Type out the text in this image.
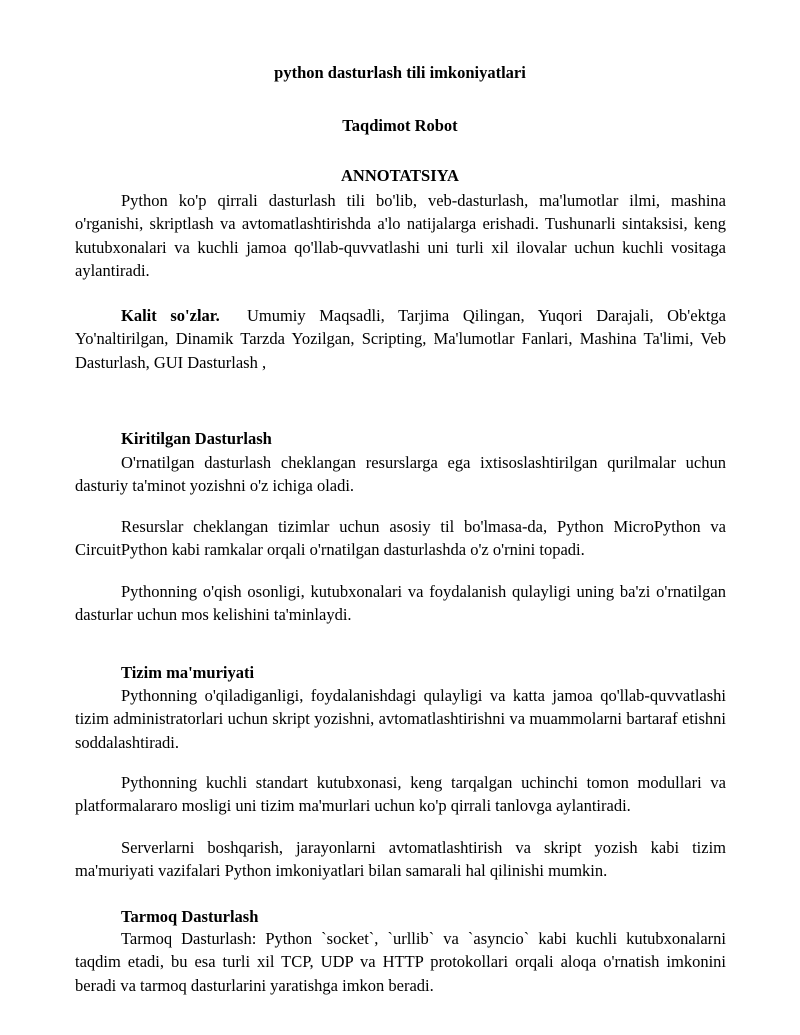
python dasturlash tili imkoniyatlari

Taqdimot Robot

ANNOTATSIYA

Python ko'p qirrali dasturlash tili bo'lib, veb-dasturlash, ma'lumotlar ilmi, mashina o'rganishi, skriptlash va avtomatlashtirishda a'lo natijalarga erishadi. Tushunarli sintaksisi, keng kutubxonalari va kuchli jamoa qo'llab-quvvatlashi uni turli xil ilovalar uchun kuchli vositaga aylantiradi.

Kalit so'zlar. Umumiy Maqsadli, Tarjima Qilingan, Yuqori Darajali, Ob'ektga Yo'naltirilgan, Dinamik Tarzda Yozilgan, Scripting, Ma'lumotlar Fanlari, Mashina Ta'limi, Veb Dasturlash, GUI Dasturlash ,

Kiritilgan Dasturlash

O'rnatilgan dasturlash cheklangan resurslarga ega ixtisoslashtirilgan qurilmalar uchun dasturiy ta'minot yozishni o'z ichiga oladi.

Resurslar cheklangan tizimlar uchun asosiy til bo'lmasa-da, Python MicroPython va CircuitPython kabi ramkalar orqali o'rnatilgan dasturlashda o'z o'rnini topadi.

Pythonning o'qish osonligi, kutubxonalari va foydalanish qulayligi uning ba'zi o'rnatilgan dasturlar uchun mos kelishini ta'minlaydi.

Tizim ma'muriyati

Pythonning o'qiladiganligi, foydalanishdagi qulayligi va katta jamoa qo'llab-quvvatlashi tizim administratorlari uchun skript yozishni, avtomatlashtirishni va muammolarni bartaraf etishni soddalashtiradi.

Pythonning kuchli standart kutubxonasi, keng tarqalgan uchinchi tomon modullari va platformalararo mosligi uni tizim ma'murlari uchun ko'p qirrali tanlovga aylantiradi.

Serverlarni boshqarish, jarayonlarni avtomatlashtirish va skript yozish kabi tizim ma'muriyati vazifalari Python imkoniyatlari bilan samarali hal qilinishi mumkin.

Tarmoq Dasturlash

Tarmoq Dasturlash: Python `socket`, `urllib` va `asyncio` kabi kuchli kutubxonalarni taqdim etadi, bu esa turli xil TCP, UDP va HTTP protokollari orqali aloqa o'rnatish imkonini beradi va tarmoq dasturlarini yaratishga imkon beradi.
